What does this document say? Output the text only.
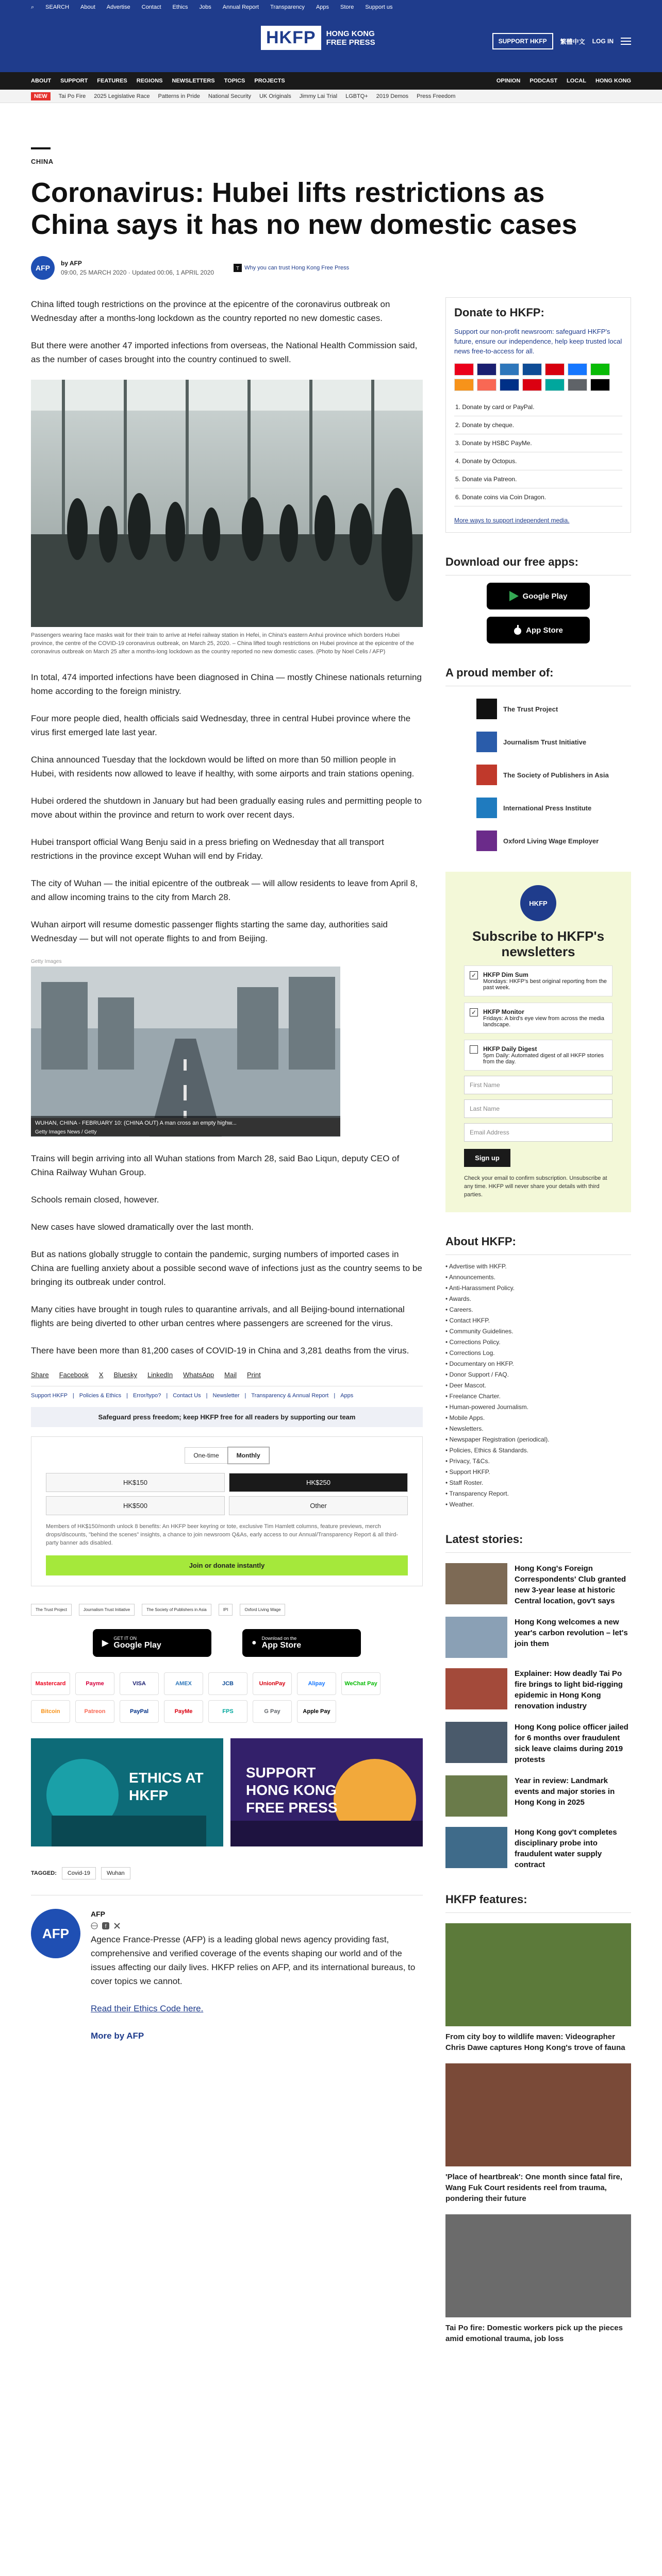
⌕ SEARCH About Advertise Contact Ethics Jobs Annual Report Transparency Apps Store Support us
HKFP	HONG KONG FREE PRESS	SUPPORT HKFP	繁體中文 LOG IN
ABOUT SUPPORT FEATURES REGIONS NEWSLETTERS TOPICS PROJECTS	OPINION PODCAST LOCAL HONG KONG
NEW	Tai Po Fire 2025 Legislative Race Patterns in Pride National Security UK Originals Jimmy Lai Trial LGBTQ+ 2019 Demos Press Freedom
CHINA
Coronavirus: Hubei lifts restrictions as China says it has no new domestic cases
AFP
by AFP
09:00, 25 MARCH 2020 · Updated 00:06, 1 APRIL 2020
T Why you can trust Hong Kong Free Press

China lifted tough restrictions on the province at the epicentre of the coronavirus outbreak on Wednesday after a months-long lockdown as the country reported no new domestic cases.

But there were another 47 imported infections from overseas, the National Health Commission said, as the number of cases brought into the country continued to swell.

Passengers wearing face masks wait for their train to arrive at Hefei railway station in Hefei, in China's eastern Anhui province which borders Hubei province, the centre of the COVID-19 coronavirus outbreak, on March 25, 2020. – China lifted tough restrictions on Hubei province at the epicentre of the coronavirus outbreak on March 25 after a months-long lockdown as the country reported no new domestic cases. (Photo by Noel Celis / AFP)

In total, 474 imported infections have been diagnosed in China — mostly Chinese nationals returning home according to the foreign ministry.

Four more people died, health officials said Wednesday, three in central Hubei province where the virus first emerged late last year.

China announced Tuesday that the lockdown would be lifted on more than 50 million people in Hubei, with residents now allowed to leave if healthy, with some airports and train stations opening.

Hubei ordered the shutdown in January but had been gradually easing rules and permitting people to move about within the province and return to work over recent days.

Hubei transport official Wang Benju said in a press briefing on Wednesday that all transport restrictions in the province except Wuhan will end by Friday.

The city of Wuhan — the initial epicentre of the outbreak — will allow residents to leave from April 8, and allow incoming trains to the city from March 28.

Wuhan airport will resume domestic passenger flights starting the same day, authorities said Wednesday — but will not operate flights to and from Beijing.

Getty Images
WUHAN, CHINA - FEBRUARY 10: (CHINA OUT) A man cross an empty highw...
Getty Images News / Getty

Trains will begin arriving into all Wuhan stations from March 28, said Bao Liqun, deputy CEO of China Railway Wuhan Group.

Schools remain closed, however.

New cases have slowed dramatically over the last month.

But as nations globally struggle to contain the pandemic, surging numbers of imported cases in China are fuelling anxiety about a possible second wave of infections just as the country seems to be bringing its outbreak under control.

Many cities have brought in tough rules to quarantine arrivals, and all Beijing-bound international flights are being diverted to other urban centres where passengers are screened for the virus.

There have been more than 81,200 cases of COVID-19 in China and 3,281 deaths from the virus.

Share Facebook X Bluesky LinkedIn WhatsApp Mail Print
Support HKFP | Policies & Ethics | Error/typo? | Contact Us | Newsletter | Transparency & Annual Report | Apps
Safeguard press freedom; keep HKFP free for all readers by supporting our team
One-time	Monthly
HK$150	HK$250
HK$500	Other
Members of HK$150/month unlock 8 benefits: An HKFP beer keyring or tote, exclusive Tim Hamlett columns, feature previews, merch drops/discounts, "behind the scenes" insights, a chance to join newsroom Q&As, early access to our Annual/Transparency Report & all third-party banner ads disabled.
Join or donate instantly
The Trust Project	Journalism Trust Initiative	The Society of Publishers in Asia	IPI	Oxford Living Wage
▶
GET IT ON
Google Play	● Download on the
App Store
Mastercard	Payme	VISA	AMEX	JCB	UnionPay	Alipay	WeChat Pay
Bitcoin	Patreon	PayPal	PayMe	FPS	G Pay	Apple Pay
ETHICS AT HKFP
SUPPORT HONG KONG FREE PRESS
TAGGED:	Covid-19	Wuhan
AFP
AFP
f

Agence France-Presse (AFP) is a leading global news agency providing fast, comprehensive and verified coverage of the events shaping our world and of the issues affecting our daily lives. HKFP relies on AFP, and its international bureaus, to cover topics we cannot.

Read their Ethics Code here.

More by AFP

Donate to HKFP:
Support our non-profit newsroom: safeguard HKFP's future, ensure our independence, help keep trusted local news free-to-access for all.
1. Donate by card or PayPal.
2. Donate by cheque.
3. Donate by HSBC PayMe.
4. Donate by Octopus.
5. Donate via Patreon.
6. Donate coins via Coin Dragon.
More ways to support independent media.
Download our free apps:
Google Play
App Store
A proud member of:
The Trust Project
Journalism Trust Initiative
The Society of Publishers in Asia
International Press Institute
Oxford Living Wage Employer
HKFP
Subscribe to HKFP's newsletters
✓ HKFP Dim Sum
Mondays: HKFP's best original reporting from the past week.
✓ HKFP Monitor
Fridays: A bird's eye view from across the media landscape.
HKFP Daily Digest
5pm Daily: Automated digest of all HKFP stories from the day.
First Name
Last Name
Email Address
Sign up
Check your email to confirm subscription. Unsubscribe at any time. HKFP will never share your details with third parties.
About HKFP:
• Advertise with HKFP.
• Announcements.
• Anti-Harassment Policy.
• Awards.
• Careers.
• Contact HKFP.
• Community Guidelines.
• Corrections Policy.
• Corrections Log.
• Documentary on HKFP.
• Donor Support / FAQ.
• Deer Mascot.
• Freelance Charter.
• Human-powered Journalism.
• Mobile Apps.
• Newsletters.
• Newspaper Registration (periodical).
• Policies, Ethics & Standards.
• Privacy, T&Cs.
• Support HKFP.
• Staff Roster.
• Transparency Report.
• Weather.
Latest stories:
Hong Kong's Foreign Correspondents' Club granted new 3-year lease at historic Central location, gov't says
Hong Kong welcomes a new year's carbon revolution – let's join them
Explainer: How deadly Tai Po fire brings to light bid-rigging epidemic in Hong Kong renovation industry
Hong Kong police officer jailed for 6 months over fraudulent sick leave claims during 2019 protests
Year in review: Landmark events and major stories in Hong Kong in 2025
Hong Kong gov't completes disciplinary probe into fraudulent water supply contract
HKFP features:
From city boy to wildlife maven: Videographer Chris Dawe captures Hong Kong's trove of fauna
'Place of heartbreak': One month since fatal fire, Wang Fuk Court residents reel from trauma, pondering their future
Tai Po fire: Domestic workers pick up the pieces amid emotional trauma, job loss
